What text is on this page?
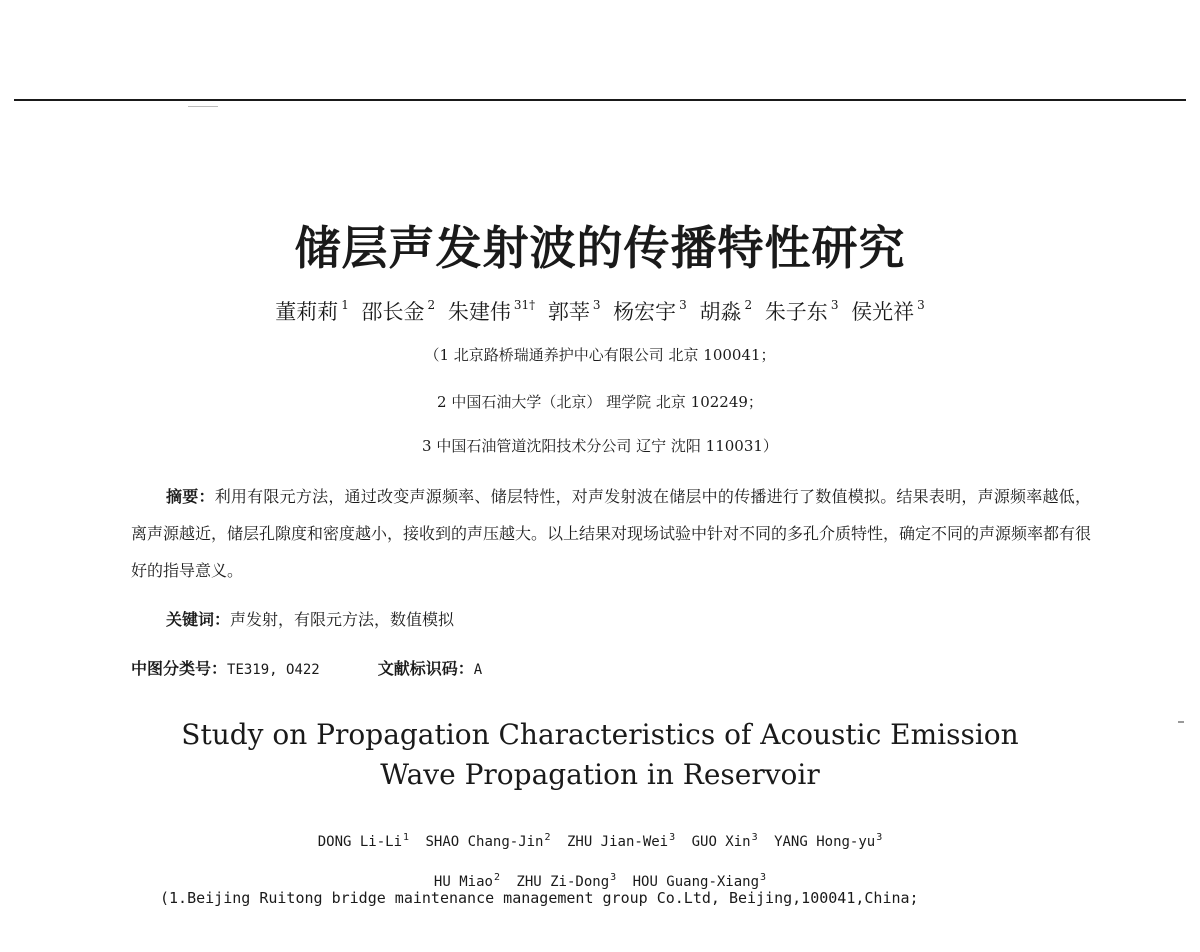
储层声发射波的传播特性研究
董莉莉 $^1$ 邵长金 $^2$ 朱建伟 $^{31\dagger}$ 郭莘 $^3$ 杨宏宇 $^3$ 胡淼 $^2$ 朱子东 $^3$ 侯光祥 $^3$
（1 北京路桥瑞通养护中心有限公司 北京 100041；
2 中国石油大学（北京） 理学院 北京 102249；
3 中国石油管道沈阳技术分公司 辽宁 沈阳 110031）
摘要：利用有限元方法，通过改变声源频率、储层特性，对声发射波在储层中的传播进行了数值模拟。结果表明，声源频率越低，离声源越近，储层孔隙度和密度越小，接收到的声压越大。以上结果对现场试验中针对不同的多孔介质特性，确定不同的声源频率都有很好的指导意义。
关键词：声发射，有限元方法，数值模拟
中图分类号：TE319, O422	文献标识码：A
Study on Propagation Characteristics of Acoustic Emission
Wave Propagation in Reservoir
DONG Li-Li$^1$ SHAO Chang-Jin$^2$ ZHU Jian-Wei$^3$ GUO Xin$^3$ YANG Hong-$yu^3$
HU Miao$^2$ ZHU Zi-Dong$^3$ HOU Guang-Xiang$^3$
(1.Beijing Ruitong bridge maintenance management group Co.Ltd, Beijing,100041,China;
